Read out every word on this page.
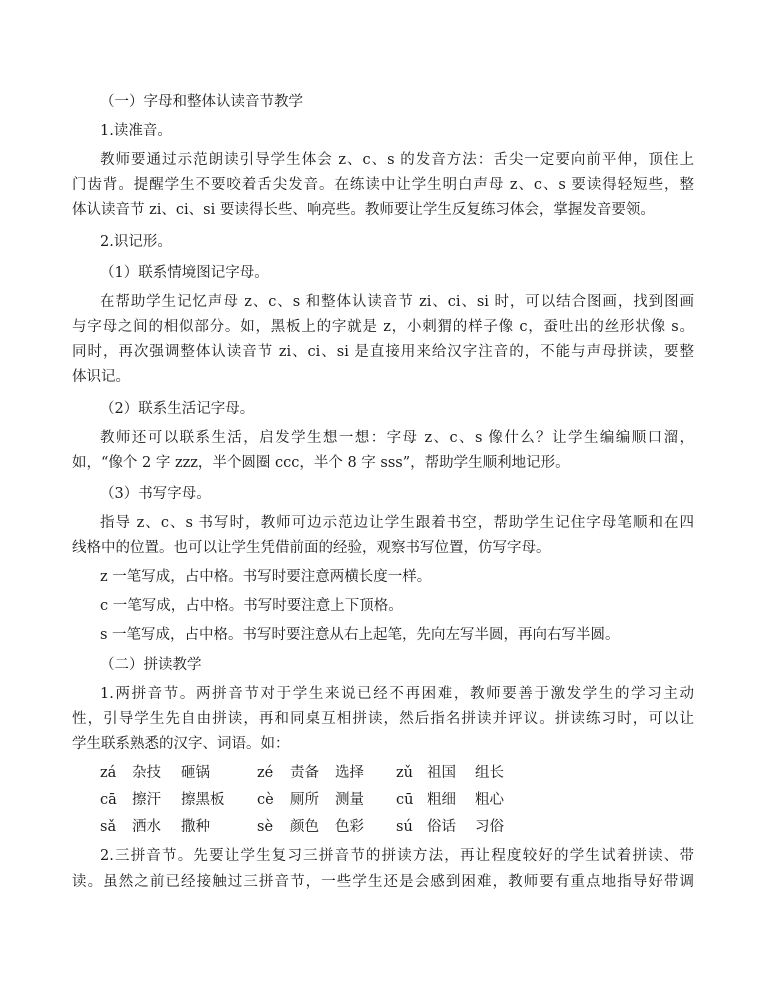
（一）字母和整体认读音节教学
1.读准音。
教师要通过示范朗读引导学生体会 z、c、s 的发音方法：舌尖一定要向前平伸，顶住上
门齿背。提醒学生不要咬着舌尖发音。在练读中让学生明白声母 z、c、s 要读得轻短些，整
体认读音节 zi、ci、si 要读得长些、响亮些。教师要让学生反复练习体会，掌握发音要领。
2.识记形。
（1）联系情境图记字母。
在帮助学生记忆声母 z、c、s 和整体认读音节 zi、ci、si 时，可以结合图画，找到图画
与字母之间的相似部分。如，黑板上的字就是 z，小刺猬的样子像 c，蚕吐出的丝形状像 s。
同时，再次强调整体认读音节 zi、ci、si 是直接用来给汉字注音的，不能与声母拼读，要整
体识记。
（2）联系生活记字母。
教师还可以联系生活，启发学生想一想：字母 z、c、s 像什么？让学生编编顺口溜，
如，“像个 2 字 zzz，半个圆圈 ccc，半个 8 字 sss”，帮助学生顺利地记形。
（3）书写字母。
指导 z、c、s 书写时，教师可边示范边让学生跟着书空，帮助学生记住字母笔顺和在四
线格中的位置。也可以让学生凭借前面的经验，观察书写位置，仿写字母。
z 一笔写成，占中格。书写时要注意两横长度一样。
c 一笔写成，占中格。书写时要注意上下顶格。
s 一笔写成，占中格。书写时要注意从右上起笔，先向左写半圆，再向右写半圆。
（二）拼读教学
1.两拼音节。两拼音节对于学生来说已经不再困难，教师要善于激发学生的学习主动
性，引导学生先自由拼读，再和同桌互相拼读，然后指名拼读并评议。拼读练习时，可以让
学生联系熟悉的汉字、词语。如：
zá 杂技 砸锅	zé 责备 选择 zǔ 祖国 组长
cā 擦汗 擦黑板 cè 厕所 测量 cū 粗细 粗心
sǎ 洒水 撒种	sè 颜色 色彩 sú 俗话 习俗
2.三拼音节。先要让学生复习三拼音节的拼读方法，再让程度较好的学生试着拼读、带
读。虽然之前已经接触过三拼音节，一些学生还是会感到困难，教师要有重点地指导好带调
